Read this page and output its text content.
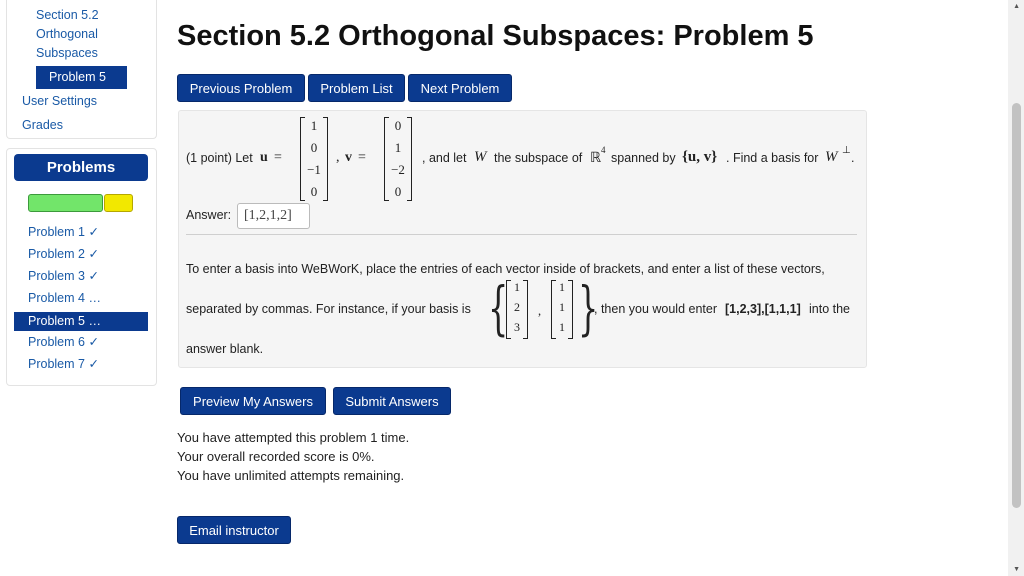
Section 5.2
Orthogonal
Subspaces
Problem 5
User Settings
Grades
Problems
Problem 1 ✓
Problem 2 ✓
Problem 3 ✓
Problem 4 …
Problem 5 …
Problem 6 ✓
Problem 7 ✓
Section 5.2 Orthogonal Subspaces: Problem 5
Previous Problem	Problem List	Next Problem
(1 point) Let u =
1
0
−1
0
, v =
0
1
−2
0
, and let W the subspace of ℝ
4
spanned by {u, v} . Find a basis for W ⊥
.
Answer: [1,2,1,2]
To enter a basis into WeBWorK, place the entries of each vector inside of brackets, and enter a list of these vectors,
separated by commas. For instance, if your basis is { 1
2
3
,
1
1
1 }
, then you would enter [1,2,3],[1,1,1] into the
answer blank.
Preview My Answers	Submit Answers
You have attempted this problem 1 time.
Your overall recorded score is 0%.
You have unlimited attempts remaining.
Email instructor
▲
▼
